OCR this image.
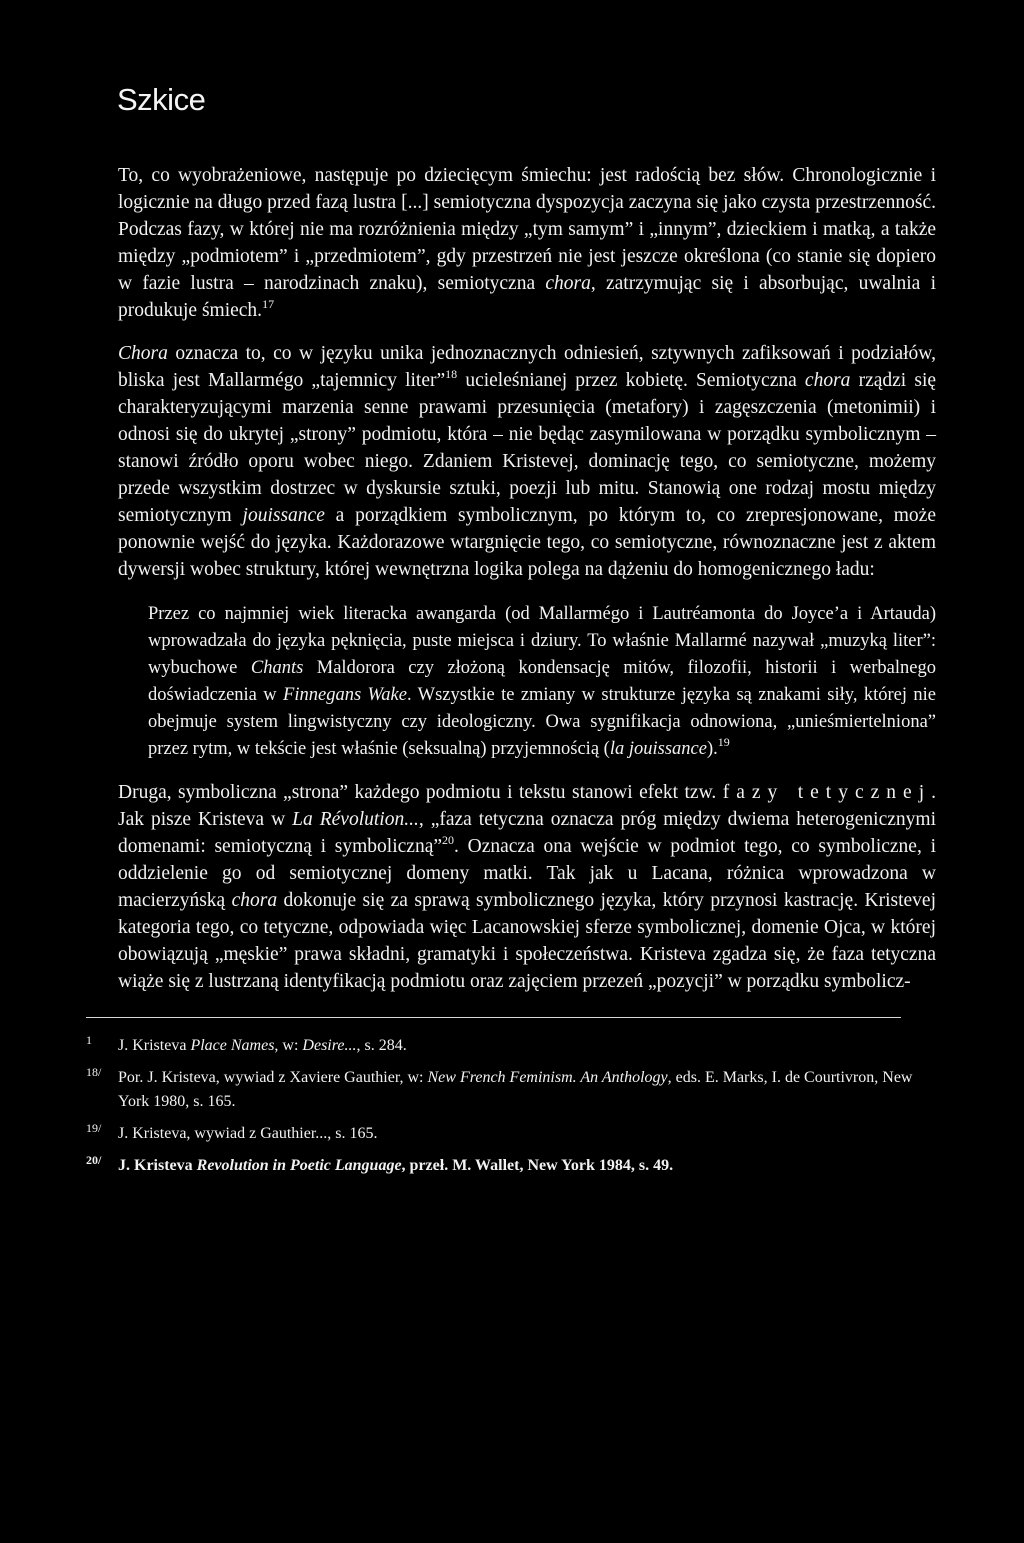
Szkice

To, co wyobrażeniowe, następuje po dziecięcym śmiechu: jest radością bez słów. Chronologicznie i logicznie na długo przed fazą lustra [...] semiotyczna dyspozycja zaczyna się jako czysta przestrzenność. Podczas fazy, w której nie ma rozróżnienia między „tym samym” i „innym”, dzieckiem i matką, a także między „podmiotem” i „przedmiotem”, gdy przestrzeń nie jest jeszcze określona (co stanie się dopiero w fazie lustra – narodzinach znaku), semiotyczna chora, zatrzymując się i absorbując, uwalnia i produkuje śmiech.$^{17}$

Chora oznacza to, co w języku unika jednoznacznych odniesień, sztywnych zafiksowań i podziałów, bliska jest Mallarmégo „tajemnicy liter”$^{18}$ ucieleśnianej przez kobietę. Semiotyczna chora rządzi się charakteryzującymi marzenia senne prawami przesunięcia (metafory) i zagęszczenia (metonimii) i odnosi się do ukrytej „strony” podmiotu, która – nie będąc zasymilowana w porządku symbolicznym – stanowi źródło oporu wobec niego. Zdaniem Kristevej, dominację tego, co semiotyczne, możemy przede wszystkim dostrzec w dyskursie sztuki, poezji lub mitu. Stanowią one rodzaj mostu między semiotycznym jouissance a porządkiem symbolicznym, po którym to, co zrepresjonowane, może ponownie wejść do języka. Każdorazowe wtargnięcie tego, co semiotyczne, równoznaczne jest z aktem dywersji wobec struktury, której wewnętrzna logika polega na dążeniu do homogenicznego ładu:

Przez co najmniej wiek literacka awangarda (od Mallarmégo i Lautréamonta do Joyce’a i Artauda) wprowadzała do języka pęknięcia, puste miejsca i dziury. To właśnie Mallarmé nazywał „muzyką liter”: wybuchowe Chants Maldorora czy złożoną kondensację mitów, filozofii, historii i werbalnego doświadczenia w Finnegans Wake. Wszystkie te zmiany w strukturze języka są znakami siły, której nie obejmuje system lingwistyczny czy ideologiczny. Owa sygnifikacja odnowiona, „unieśmiertelniona” przez rytm, w tekście jest właśnie (seksualną) przyjemnością (la jouissance).$^{19}$

Druga, symboliczna „strona” każdego podmiotu i tekstu stanowi efekt tzw. fazy tetycznej. Jak pisze Kristeva w La Révolution..., „faza tetyczna oznacza próg między dwiema heterogenicznymi domenami: semiotyczną i symboliczną”$^{20}$. Oznacza ona wejście w podmiot tego, co symboliczne, i oddzielenie go od semiotycznej domeny matki. Tak jak u Lacana, różnica wprowadzona w macierzyńską chora dokonuje się za sprawą symbolicznego języka, który przynosi kastrację. Kristevej kategoria tego, co tetyczne, odpowiada więc Lacanowskiej sferze symbolicznej, domenie Ojca, w której obowiązują „męskie” prawa składni, gramatyki i społeczeństwa. Kristeva zgadza się, że faza tetyczna wiąże się z lustrzaną identyfikacją podmiotu oraz zajęciem przezeń „pozycji” w porządku symbolicz-

$^1$	J. Kristeva Place Names, w: Desire..., s. 284.
$^{18/}$	Por. J. Kristeva, wywiad z Xaviere Gauthier, w: New French Feminism. An Anthology, eds. E. Marks, I. de Courtivron, New York 1980, s. 165.
$^{19/}$	J. Kristeva, wywiad z Gauthier..., s. 165.
$^{20/}$	J. Kristeva Revolution in Poetic Language, przeł. M. Wallet, New York 1984, s. 49.
